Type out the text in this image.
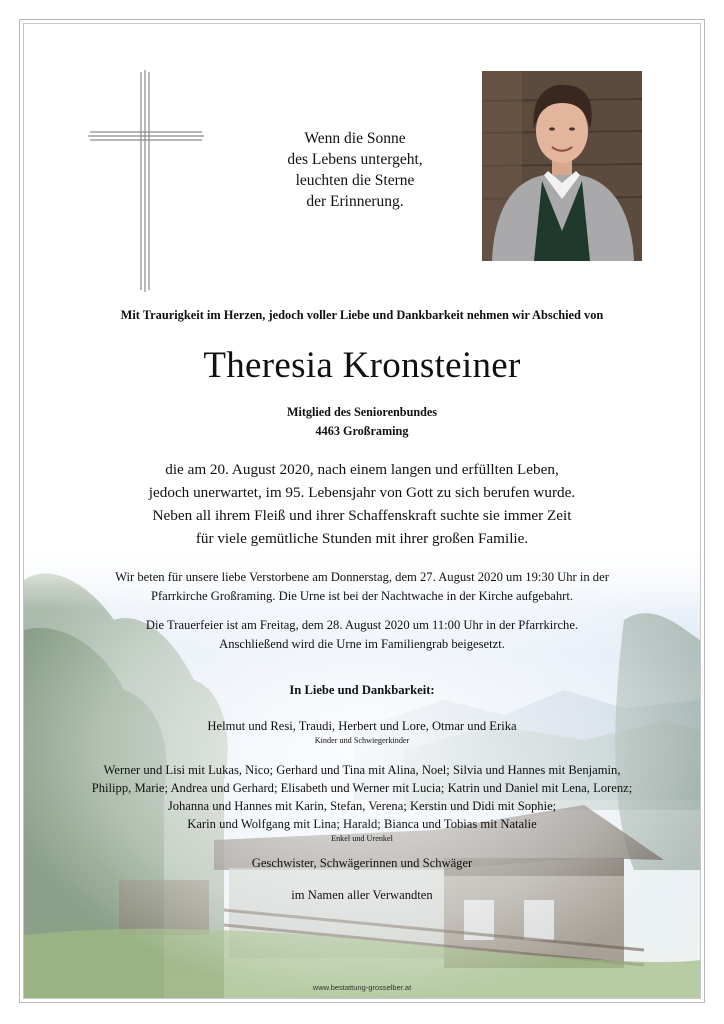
Wenn die Sonne
des Lebens untergeht,
leuchten die Sterne
der Erinnerung.
Mit Traurigkeit im Herzen, jedoch voller Liebe und Dankbarkeit nehmen wir Abschied von
Theresia Kronsteiner
Mitglied des Seniorenbundes
4463 Großraming
die am 20. August 2020, nach einem langen und erfüllten Leben,
jedoch unerwartet, im 95. Lebensjahr von Gott zu sich berufen wurde.
Neben all ihrem Fleiß und ihrer Schaffenskraft suchte sie immer Zeit
für viele gemütliche Stunden mit ihrer großen Familie.
Wir beten für unsere liebe Verstorbene am Donnerstag, dem 27. August 2020 um 19:30 Uhr in der
Pfarrkirche Großraming. Die Urne ist bei der Nachtwache in der Kirche aufgebahrt.
Die Trauerfeier ist am Freitag, dem 28. August 2020 um 11:00 Uhr in der Pfarrkirche.
Anschließend wird die Urne im Familiengrab beigesetzt.
In Liebe und Dankbarkeit:
Helmut und Resi, Traudi, Herbert und Lore, Otmar und Erika
Kinder und Schwiegerkinder
Werner und Lisi mit Lukas, Nico; Gerhard und Tina mit Alina, Noel; Silvia und Hannes mit Benjamin,
Philipp, Marie; Andrea und Gerhard; Elisabeth und Werner mit Lucia; Katrin und Daniel mit Lena, Lorenz;
Johanna und Hannes mit Karin, Stefan, Verena; Kerstin und Didi mit Sophie;
Karin und Wolfgang mit Lina; Harald; Bianca und Tobias mit Natalie
Enkel und Urenkel
Geschwister, Schwägerinnen und Schwäger
im Namen aller Verwandten
www.bestattung-grosselber.at
